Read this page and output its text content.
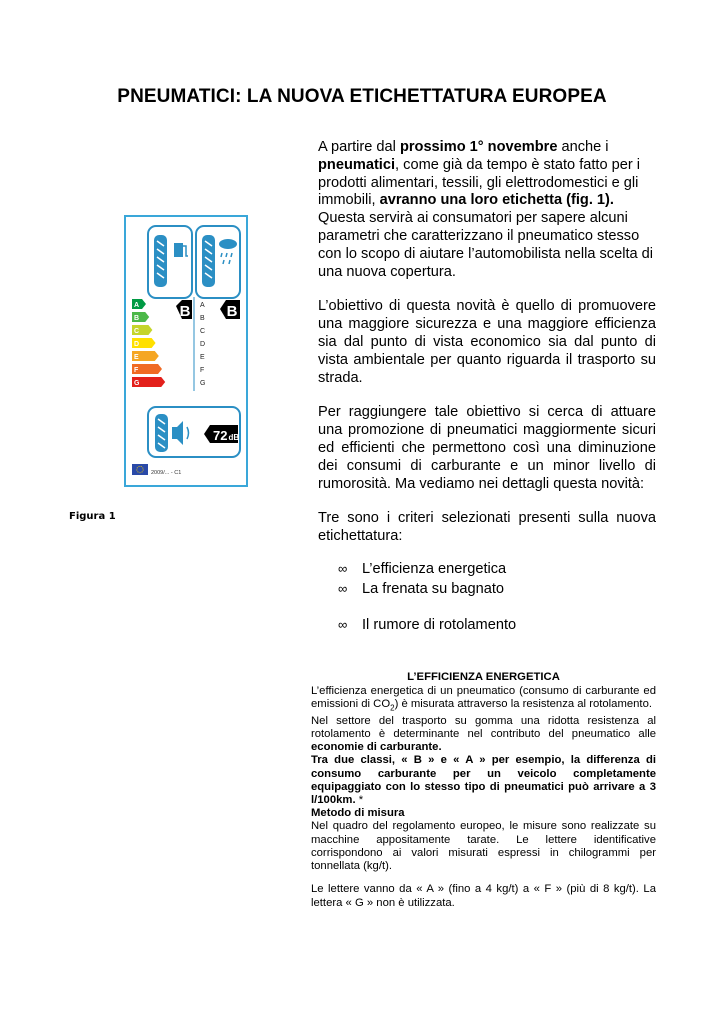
PNEUMATICI: LA NUOVA ETICHETTATURA EUROPEA

A partire dal prossimo 1° novembre anche i pneumatici, come già da tempo è stato fatto per i prodotti alimentari, tessili, gli elettrodomestici e gli immobili, avranno una loro etichetta (fig. 1). Questa servirà ai consumatori per sapere alcuni parametri che caratterizzano il pneumatico stesso con lo scopo di aiutare l’automobilista nella scelta di una nuova copertura.

L’obiettivo di questa novità è quello di promuovere una maggiore sicurezza e una maggiore efficienza sia dal punto di vista economico sia dal punto di vista ambientale per quanto riguarda il trasporto su strada.

Per raggiungere tale obiettivo si cerca di attuare una promozione di pneumatici maggiormente sicuri ed efficienti che permettono così una diminuzione dei consumi di carburante e un minor livello di rumorosità. Ma vediamo nei dettagli questa novità:

Tre sono i criteri selezionati presenti sulla nuova etichettatura:

∞	L’efficienza energetica
∞	La frenata su bagnato
∞	Il rumore di rotolamento
A
B
C
D
E
F
G
B A
B
C
D
E
F
G
B
72dB
2009/... - C1
Figura 1

L’EFFICIENZA ENERGETICA

L’efficienza energetica di un pneumatico (consumo di carburante ed emissioni di $CO_2$) è misurata attraverso la resistenza al rotolamento.

Nel settore del trasporto su gomma una ridotta resistenza al rotolamento è determinante nel contributo del pneumatico alle economie di carburante.

Tra due classi, « B » e « A » per esempio, la differenza di consumo carburante per un veicolo completamente equipaggiato con lo stesso tipo di pneumatici può arrivare a 3 l/100km. *

Metodo di misura

Nel quadro del regolamento europeo, le misure sono realizzate su macchine appositamente tarate. Le lettere identificative corrispondono ai valori misurati espressi in chilogrammi per tonnellata (kg/t).

Le lettere vanno da « A » (fino a 4 kg/t) a « F » (più di 8 kg/t). La lettera « G » non è utilizzata.
